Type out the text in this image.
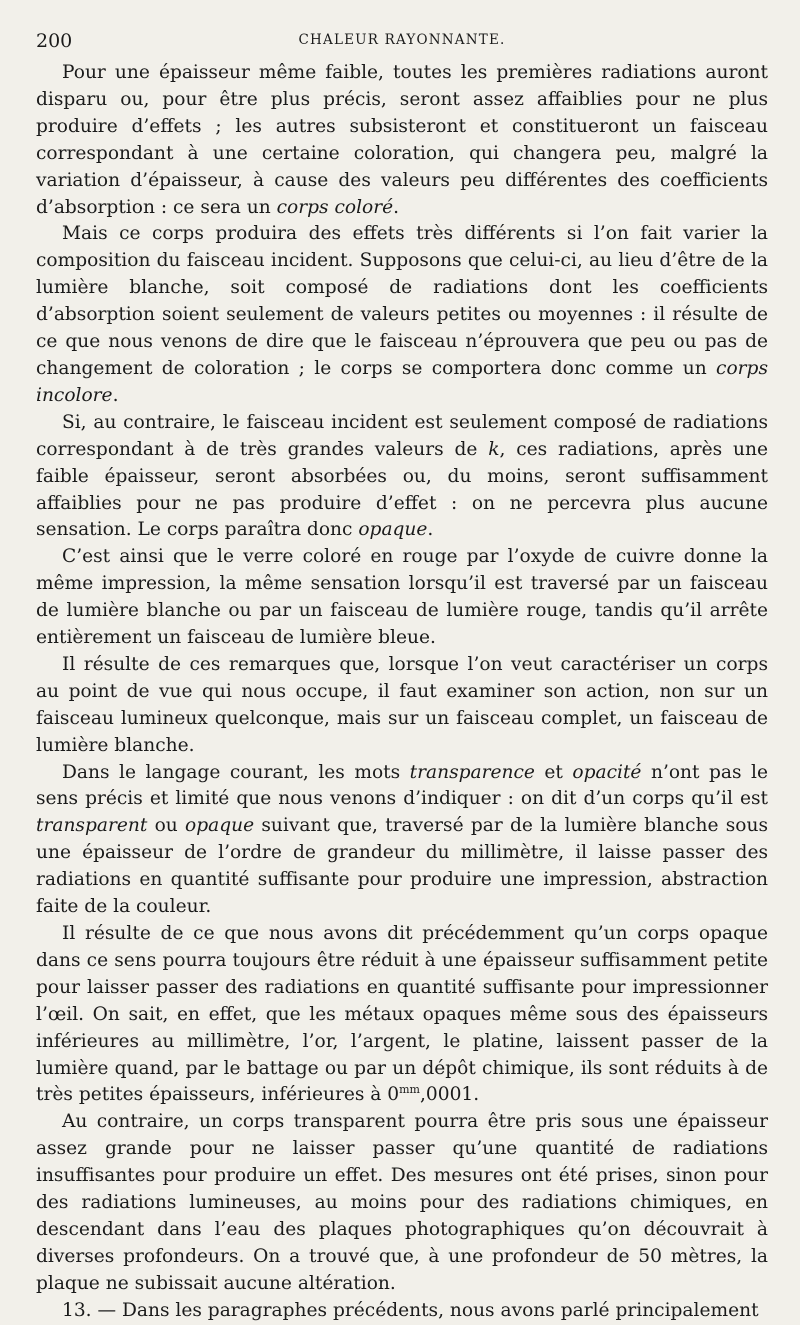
200	CHALEUR RAYONNANTE.

Pour une épaisseur même faible, toutes les premières radiations auront disparu ou, pour être plus précis, seront assez affaiblies pour ne plus produire d’effets ; les autres subsisteront et constitueront un faisceau correspondant à une certaine coloration, qui changera peu, malgré la variation d’épaisseur, à cause des valeurs peu différentes des coefficients d’absorption : ce sera un corps coloré.

Mais ce corps produira des effets très différents si l’on fait varier la composition du faisceau incident. Supposons que celui-ci, au lieu d’être de la lumière blanche, soit composé de radiations dont les coefficients d’absorption soient seulement de valeurs petites ou moyennes : il résulte de ce que nous venons de dire que le faisceau n’éprouvera que peu ou pas de changement de coloration ; le corps se comportera donc comme un corps incolore.

Si, au contraire, le faisceau incident est seulement composé de radiations correspondant à de très grandes valeurs de k, ces radiations, après une faible épaisseur, seront absorbées ou, du moins, seront suffisamment affaiblies pour ne pas produire d’effet : on ne percevra plus aucune sensation. Le corps paraîtra donc opaque.

C’est ainsi que le verre coloré en rouge par l’oxyde de cuivre donne la même impression, la même sensation lorsqu’il est traversé par un faisceau de lumière blanche ou par un faisceau de lumière rouge, tandis qu’il arrête entièrement un faisceau de lumière bleue.

Il résulte de ces remarques que, lorsque l’on veut caractériser un corps au point de vue qui nous occupe, il faut examiner son action, non sur un faisceau lumineux quelconque, mais sur un faisceau complet, un faisceau de lumière blanche.

Dans le langage courant, les mots transparence et opacité n’ont pas le sens précis et limité que nous venons d’indiquer : on dit d’un corps qu’il est transparent ou opaque suivant que, traversé par de la lumière blanche sous une épaisseur de l’ordre de grandeur du millimètre, il laisse passer des radiations en quantité suffisante pour produire une impression, abstraction faite de la couleur.

Il résulte de ce que nous avons dit précédemment qu’un corps opaque dans ce sens pourra toujours être réduit à une épaisseur suffisamment petite pour laisser passer des radiations en quantité suffisante pour impressionner l’œil. On sait, en effet, que les métaux opaques même sous des épaisseurs inférieures au millimètre, l’or, l’argent, le platine, laissent passer de la lumière quand, par le battage ou par un dépôt chimique, ils sont réduits à de très petites épaisseurs, inférieures à $0^{mm},0001$.

Au contraire, un corps transparent pourra être pris sous une épaisseur assez grande pour ne laisser passer qu’une quantité de radiations insuffisantes pour produire un effet. Des mesures ont été prises, sinon pour des radiations lumineuses, au moins pour des radiations chimiques, en descendant dans l’eau des plaques photographiques qu’on découvrait à diverses profondeurs. On a trouvé que, à une profondeur de 50 mètres, la plaque ne subissait aucune altération.

13. — Dans les paragraphes précédents, nous avons parlé principalement
